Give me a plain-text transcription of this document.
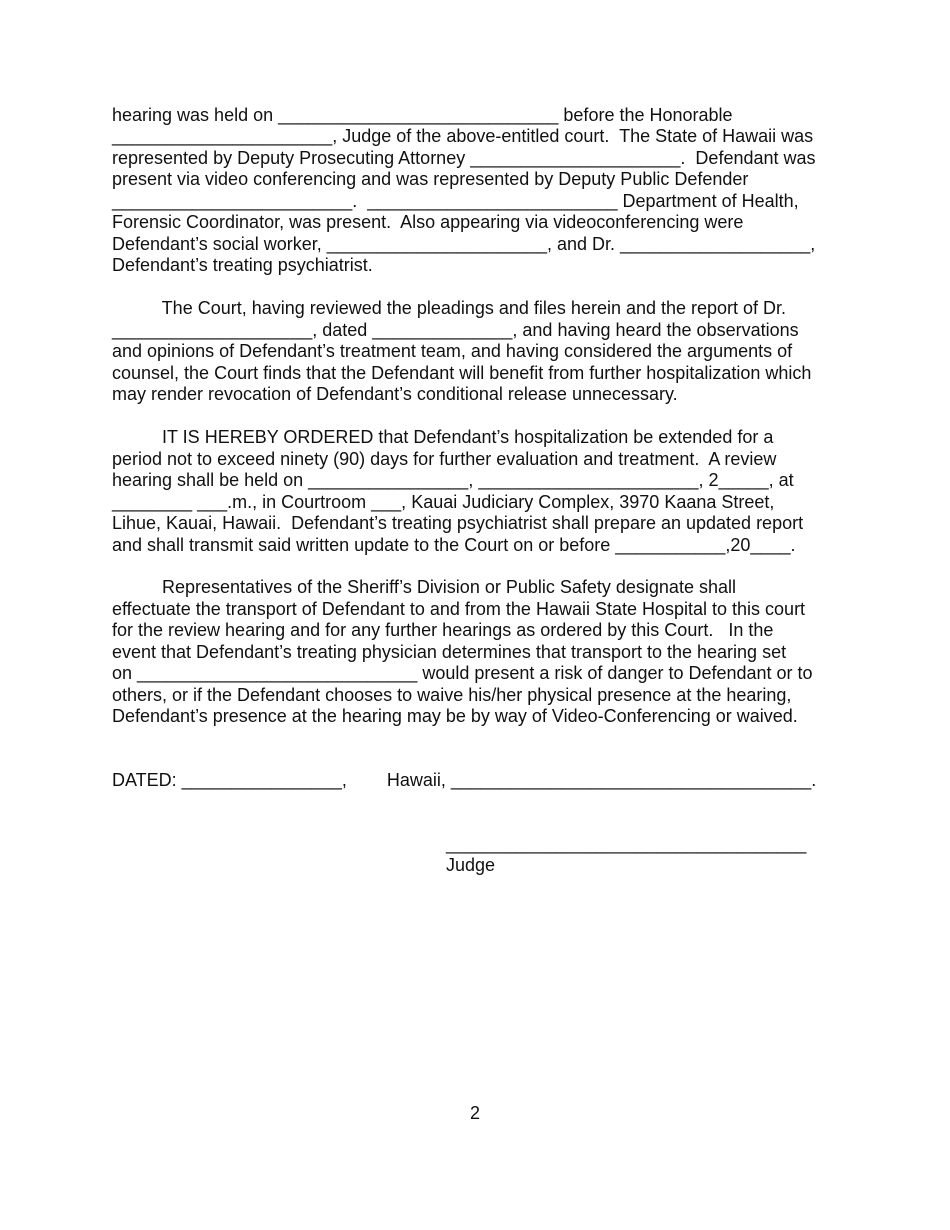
hearing was held on ____________________________ before the Honorable
______________________, Judge of the above-entitled court.  The State of Hawaii was
represented by Deputy Prosecuting Attorney _____________________.  Defendant was
present via video conferencing and was represented by Deputy Public Defender
________________________.  _________________________ Department of Health,
Forensic Coordinator, was present.  Also appearing via videoconferencing were
Defendant’s social worker, ______________________, and Dr. ___________________,
Defendant’s treating psychiatrist.
The Court, having reviewed the pleadings and files herein and the report of Dr.
____________________, dated ______________, and having heard the observations
and opinions of Defendant’s treatment team, and having considered the arguments of
counsel, the Court finds that the Defendant will benefit from further hospitalization which
may render revocation of Defendant’s conditional release unnecessary.
IT IS HEREBY ORDERED that Defendant’s hospitalization be extended for a
period not to exceed ninety (90) days for further evaluation and treatment.  A review
hearing shall be held on ________________, ______________________, 2_____, at
________ ___.m., in Courtroom ___, Kauai Judiciary Complex, 3970 Kaana Street,
Lihue, Kauai, Hawaii.  Defendant’s treating psychiatrist shall prepare an updated report
and shall transmit said written update to the Court on or before ___________,20____.
Representatives of the Sheriff’s Division or Public Safety designate shall
effectuate the transport of Defendant to and from the Hawaii State Hospital to this court
for the review hearing and for any further hearings as ordered by this Court.   In the
event that Defendant’s treating physician determines that transport to the hearing set
on ____________________________ would present a risk of danger to Defendant or to
others, or if the Defendant chooses to waive his/her physical presence at the hearing,
Defendant’s presence at the hearing may be by way of Video-Conferencing or waived.
DATED: ________________,        Hawaii, ____________________________________.
____________________________________
Judge
2
